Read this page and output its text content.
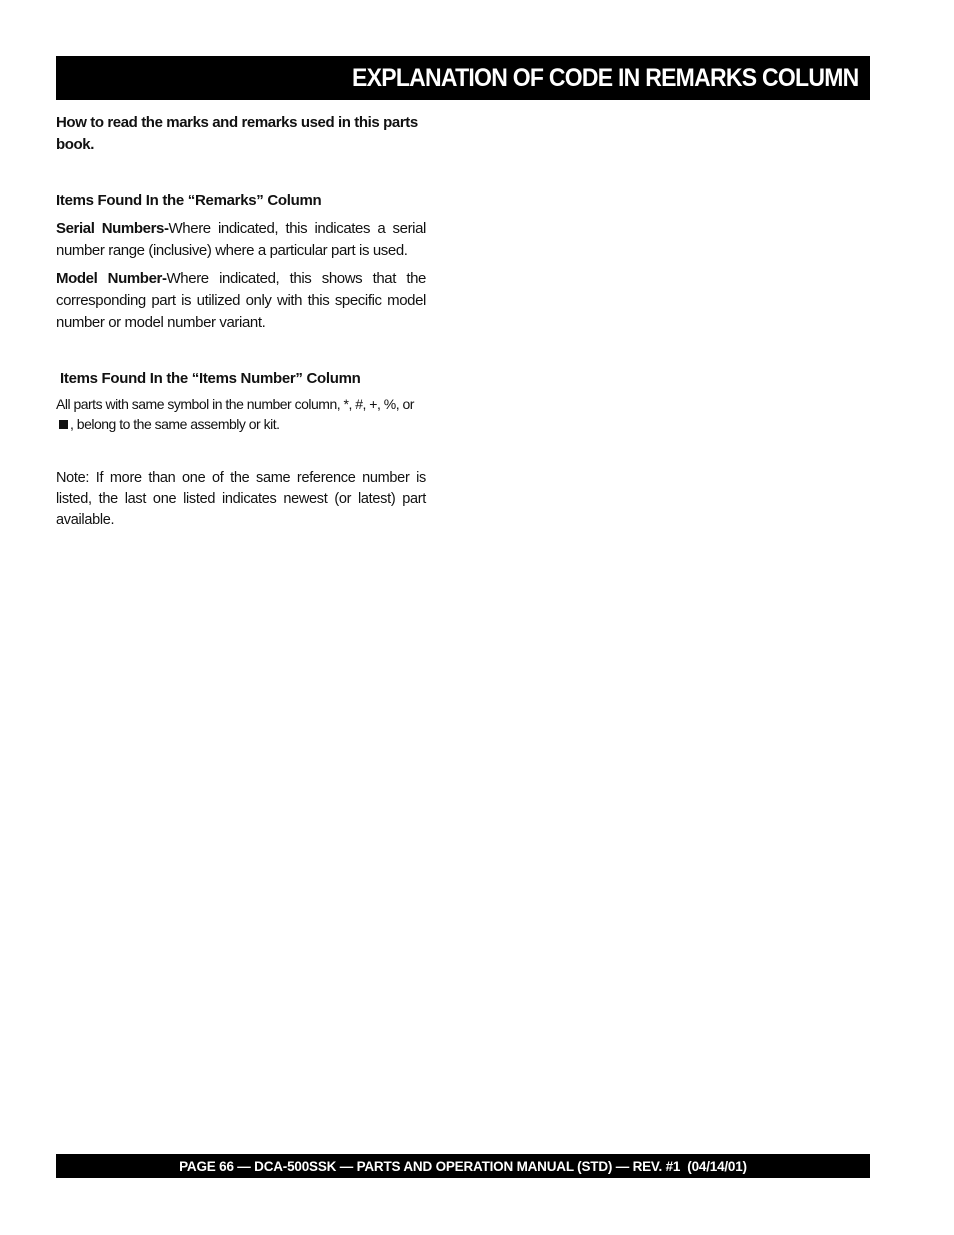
EXPLANATION OF CODE IN REMARKS COLUMN

How to read the marks and remarks used in this parts book.

Items Found In the “Remarks” Column

Serial Numbers-Where indicated, this indicates a serial number range (inclusive) where a particular part is used.

Model Number-Where indicated, this shows that the corresponding part is utilized only with this specific model number or model number variant.

Items Found In the “Items Number” Column

All parts with same symbol in the number column, *, #, +, %, or, belong to the same assembly or kit.

Note: If more than one of the same reference number is listed, the last one listed indicates newest (or latest) part available.

PAGE 66 — DCA-500SSK — PARTS AND OPERATION MANUAL (STD) — REV. #1  (04/14/01)
